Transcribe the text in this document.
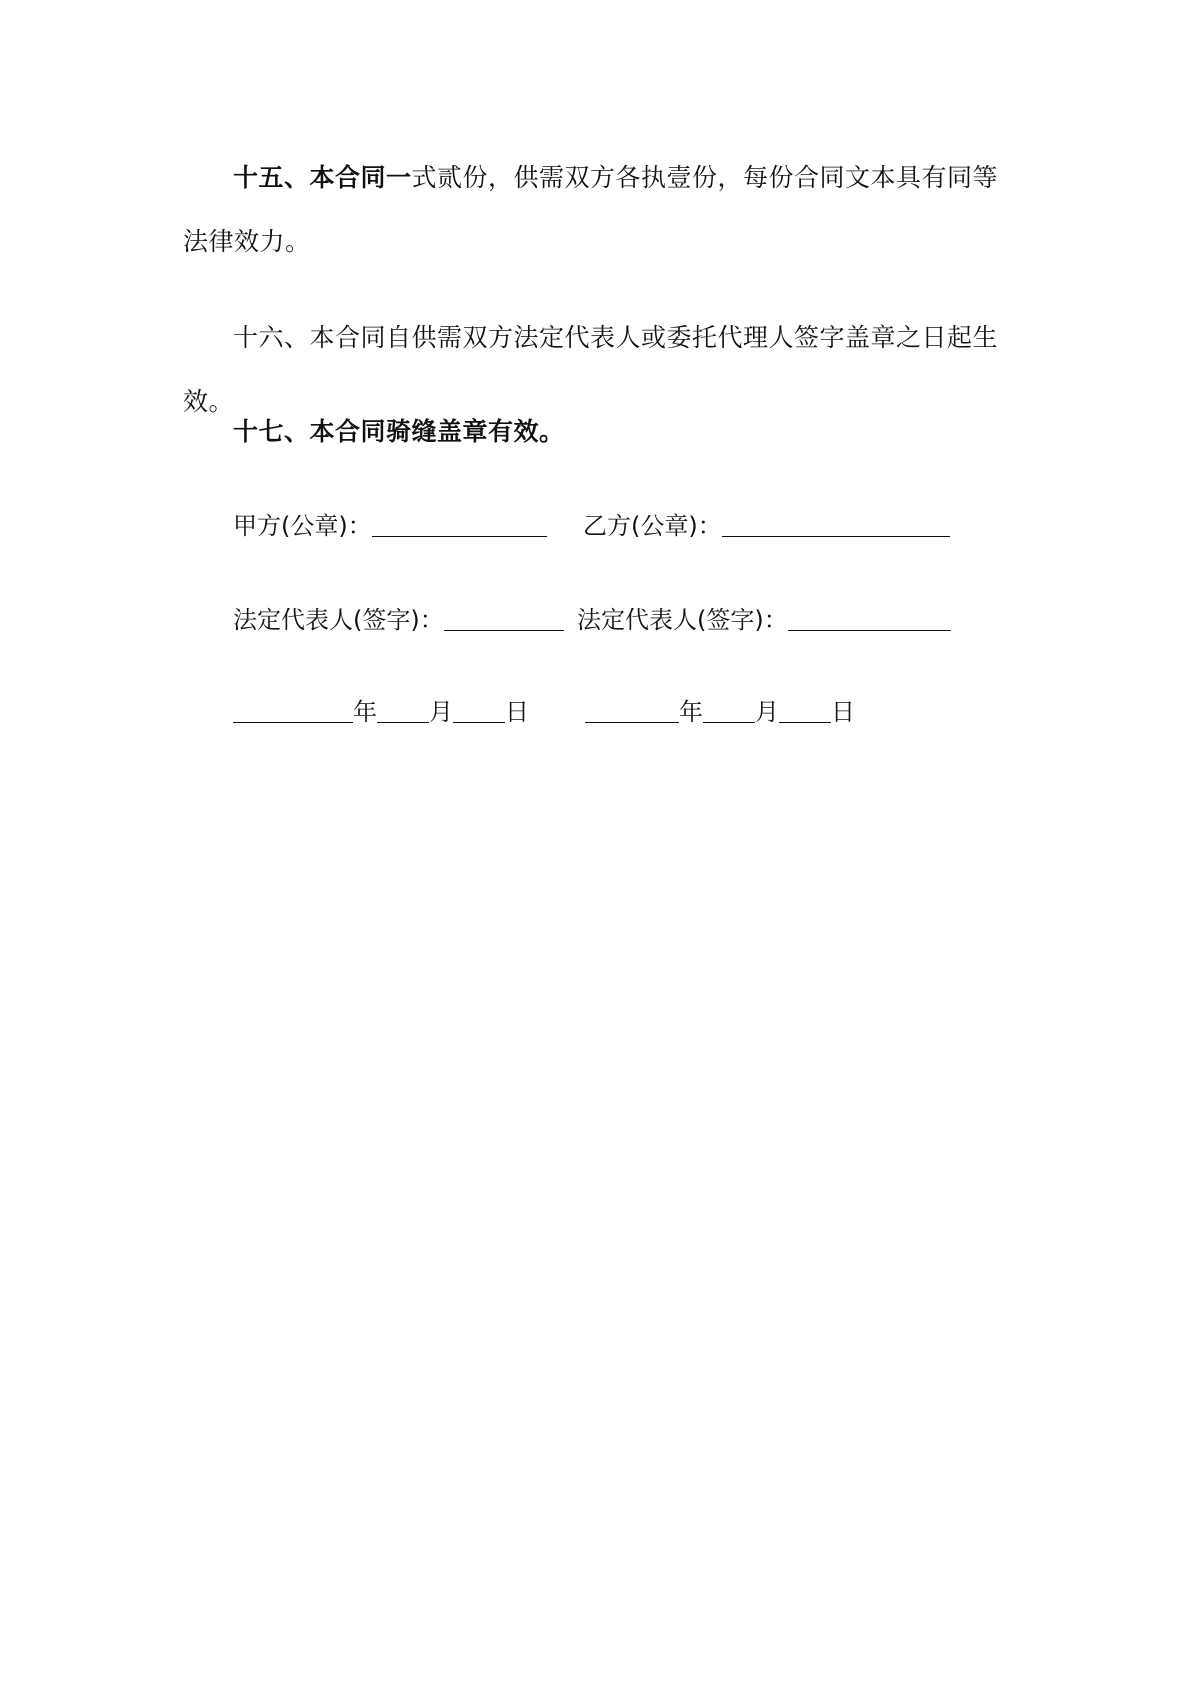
十五、本合同一式贰份，供需双方各执壹份，每份合同文本具有同等法律效力。

十六、本合同自供需双方法定代表人或委托代理人签字盖章之日起生效。

十七、本合同骑缝盖章有效。

甲方(公章)：	乙方(公章)：
法定代表人(签字)：	法定代表人(签字)：
年 月 日	年 月 日
